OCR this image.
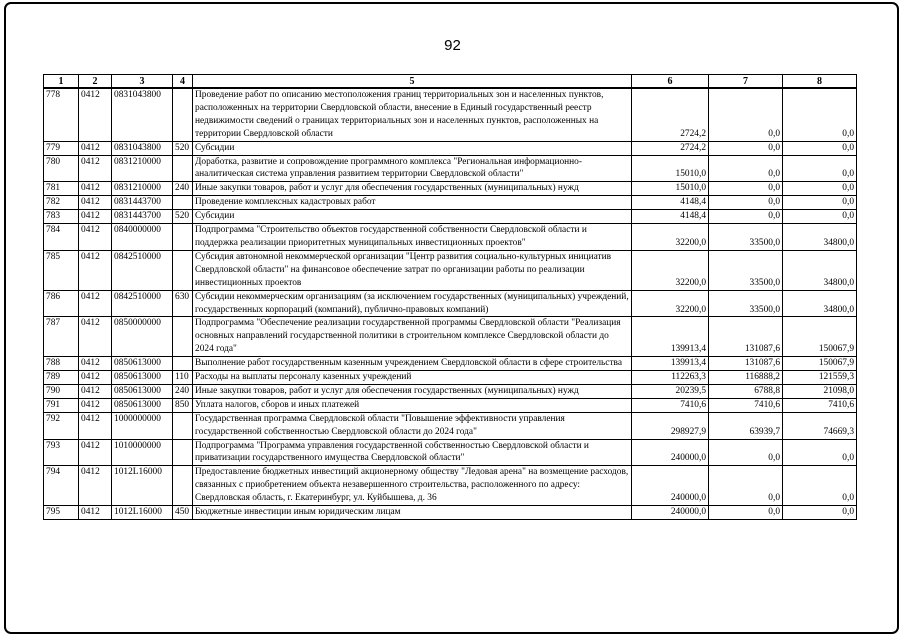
92
1	2	3	4	5	6	7	8
778	0412	0831043800		Проведение работ по описанию местоположения границ территориальных зон и населенных пунктов, расположенных на территории Свердловской области, внесение в Единый государственный реестр недвижимости сведений о границах территориальных зон и населенных пунктов, расположенных на территории Свердловской области	2724,2	0,0	0,0
779	0412	0831043800	520	Субсидии	2724,2	0,0	0,0
780	0412	0831210000		Доработка, развитие и сопровождение программного комплекса "Региональная информационно-аналитическая система управления развитием территории Свердловской области"	15010,0	0,0	0,0
781	0412	0831210000	240	Иные закупки товаров, работ и услуг для обеспечения государственных (муниципальных) нужд	15010,0	0,0	0,0
782	0412	0831443700		Проведение комплексных кадастровых работ	4148,4	0,0	0,0
783	0412	0831443700	520	Субсидии	4148,4	0,0	0,0
784	0412	0840000000		Подпрограмма "Строительство объектов государственной собственности Свердловской области и поддержка реализации приоритетных муниципальных инвестиционных проектов"	32200,0	33500,0	34800,0
785	0412	0842510000		Субсидия автономной некоммерческой организации "Центр развития социально-культурных инициатив Свердловской области" на финансовое обеспечение затрат по организации работы по реализации инвестиционных проектов	32200,0	33500,0	34800,0
786	0412	0842510000	630	Субсидии некоммерческим организациям (за исключением государственных (муниципальных) учреждений, государственных корпораций (компаний), публично-правовых компаний)	32200,0	33500,0	34800,0
787	0412	0850000000		Подпрограмма "Обеспечение реализации государственной программы Свердловской области "Реализация основных направлений государственной политики в строительном комплексе Свердловской области до 2024 года"	139913,4	131087,6	150067,9
788	0412	0850613000		Выполнение работ государственным казенным учреждением Свердловской области в сфере строительства	139913,4	131087,6	150067,9
789	0412	0850613000	110	Расходы на выплаты персоналу казенных учреждений	112263,3	116888,2	121559,3
790	0412	0850613000	240	Иные закупки товаров, работ и услуг для обеспечения государственных (муниципальных) нужд	20239,5	6788,8	21098,0
791	0412	0850613000	850	Уплата налогов, сборов и иных платежей	7410,6	7410,6	7410,6
792	0412	1000000000		Государственная программа Свердловской области "Повышение эффективности управления государственной собственностью Свердловской области до 2024 года"	298927,9	63939,7	74669,3
793	0412	1010000000		Подпрограмма "Программа управления государственной собственностью Свердловской области и приватизации государственного имущества Свердловской области"	240000,0	0,0	0,0
794	0412	1012L16000		Предоставление бюджетных инвестиций акционерному обществу "Ледовая арена" на возмещение расходов, связанных с приобретением объекта незавершенного строительства, расположенного по адресу: Свердловская область, г. Екатеринбург, ул. Куйбышева, д. 36	240000,0	0,0	0,0
795	0412	1012L16000	450	Бюджетные инвестиции иным юридическим лицам	240000,0	0,0	0,0
